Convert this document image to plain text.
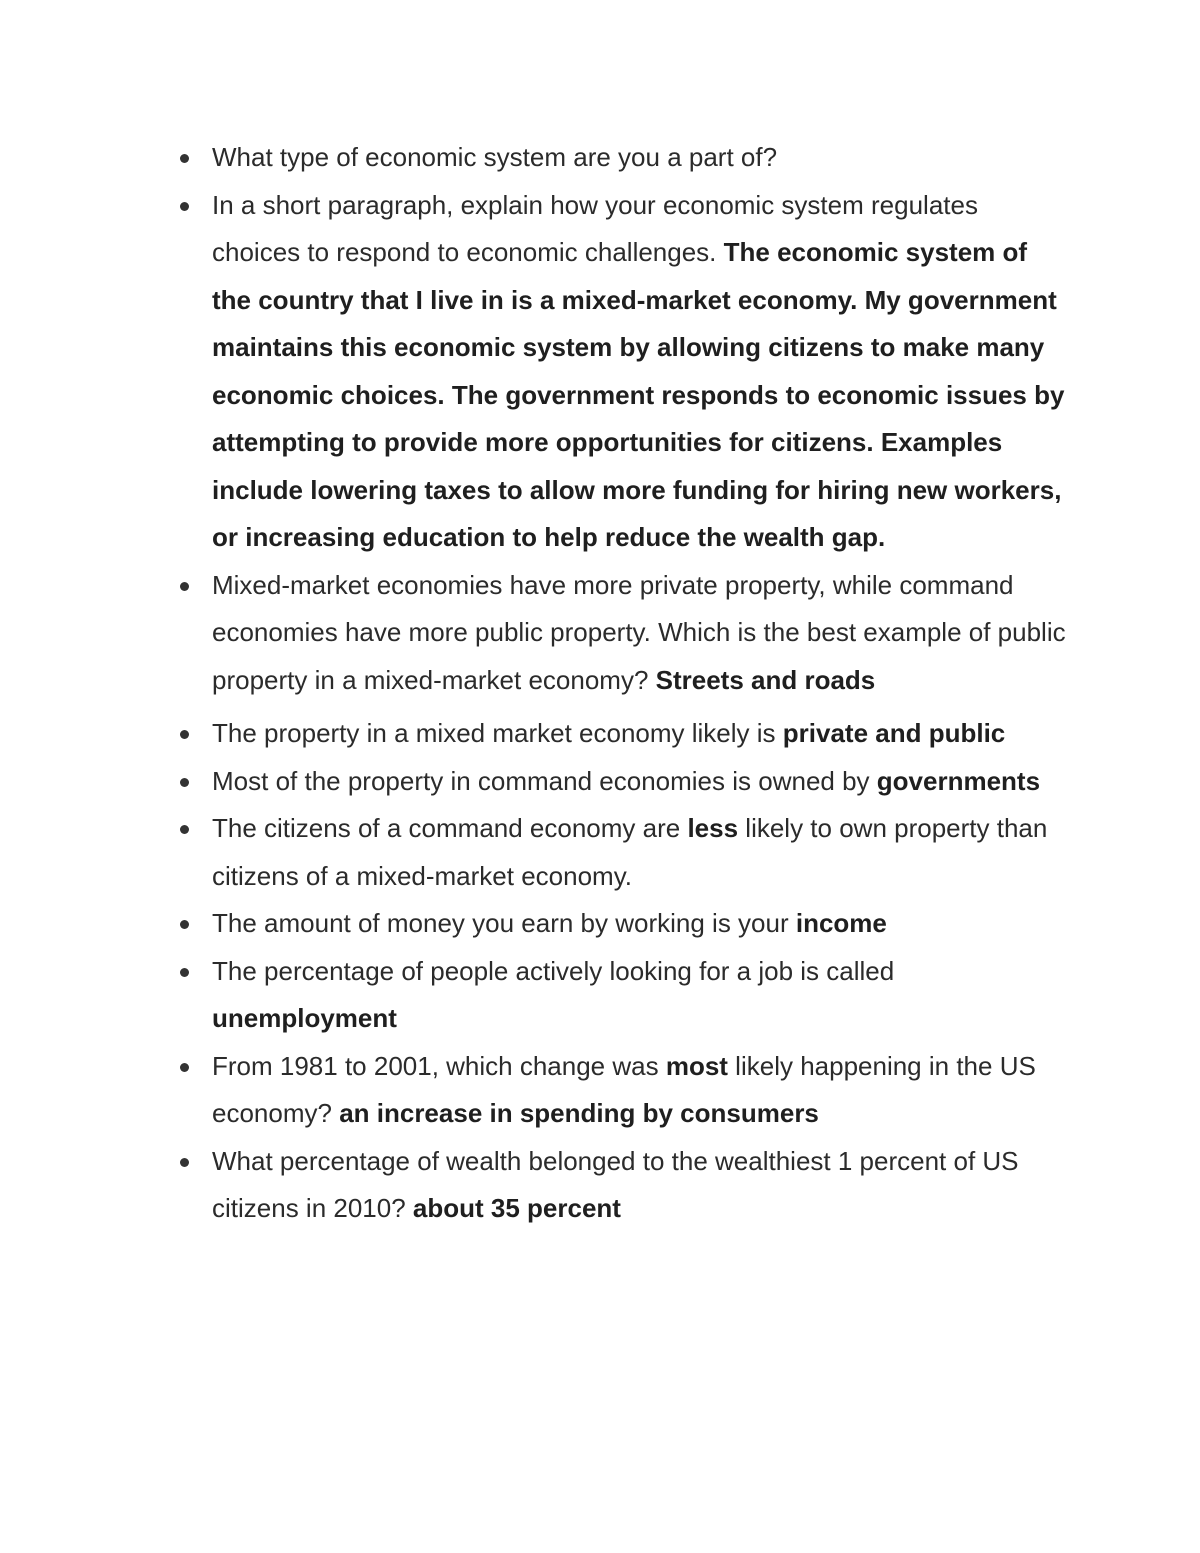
What type of economic system are you a part of?
In a short paragraph, explain how your economic system regulates choices to respond to economic challenges. The economic system of the country that I live in is a mixed-market economy. My government maintains this economic system by allowing citizens to make many economic choices. The government responds to economic issues by attempting to provide more opportunities for citizens. Examples include lowering taxes to allow more funding for hiring new workers, or increasing education to help reduce the wealth gap.
Mixed-market economies have more private property, while command economies have more public property. Which is the best example of public property in a mixed-market economy? Streets and roads
The property in a mixed market economy likely is private and public
Most of the property in command economies is owned by governments
The citizens of a command economy are less likely to own property than citizens of a mixed-market economy.
The amount of money you earn by working is your income
The percentage of people actively looking for a job is called unemployment
From 1981 to 2001, which change was most likely happening in the US economy? an increase in spending by consumers
What percentage of wealth belonged to the wealthiest 1 percent of US citizens in 2010? about 35 percent
